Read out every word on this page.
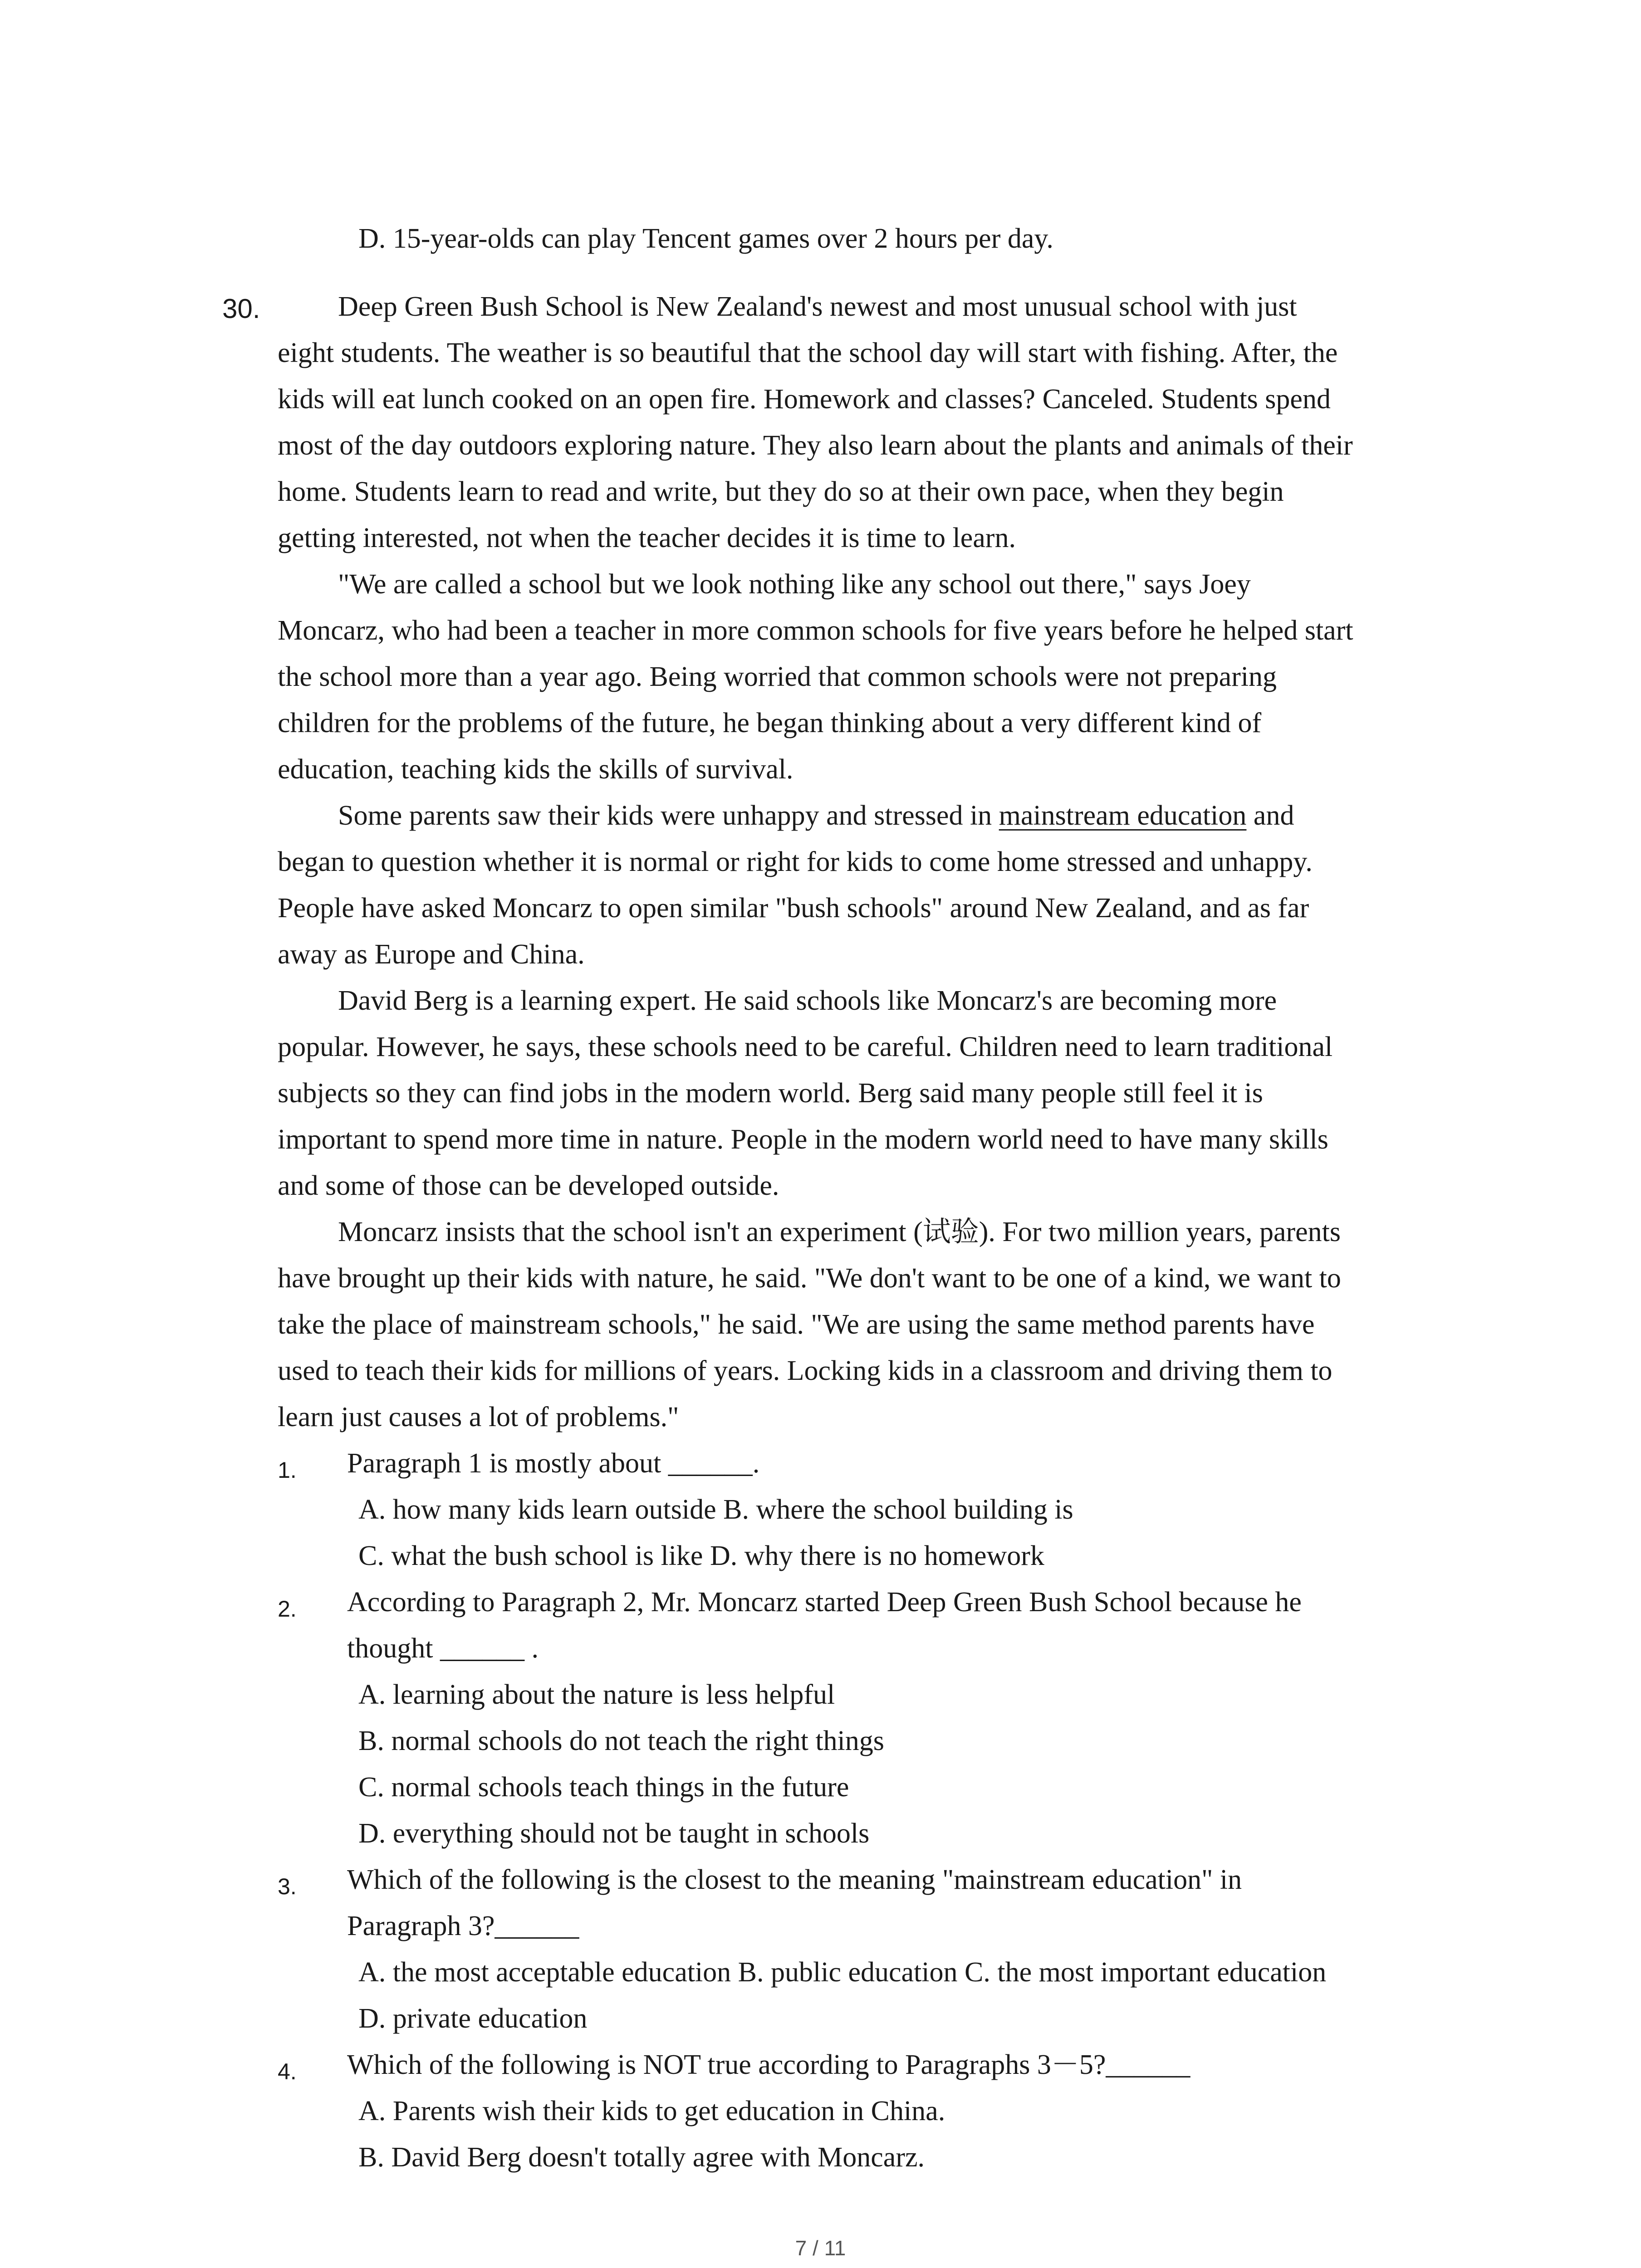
D. 15-year-olds can play Tencent games over 2 hours per day.
30.	Deep Green Bush School is New Zealand's newest and most unusual school with just
eight students. The weather is so beautiful that the school day will start with fishing. After, the
kids will eat lunch cooked on an open fire. Homework and classes? Canceled. Students spend
most of the day outdoors exploring nature. They also learn about the plants and animals of their
home. Students learn to read and write, but they do so at their own pace, when they begin
getting interested, not when the teacher decides it is time to learn.
"We are called a school but we look nothing like any school out there," says Joey
Moncarz, who had been a teacher in more common schools for five years before he helped start
the school more than a year ago. Being worried that common schools were not preparing
children for the problems of the future, he began thinking about a very different kind of
education, teaching kids the skills of survival.
Some parents saw their kids were unhappy and stressed in mainstream education and
began to question whether it is normal or right for kids to come home stressed and unhappy.
People have asked Moncarz to open similar "bush schools" around New Zealand, and as far
away as Europe and China.
David Berg is a learning expert. He said schools like Moncarz's are becoming more
popular. However, he says, these schools need to be careful. Children need to learn traditional
subjects so they can find jobs in the modern world. Berg said many people still feel it is
important to spend more time in nature. People in the modern world need to have many skills
and some of those can be developed outside.
Moncarz insists that the school isn't an experiment (试验). For two million years, parents
have brought up their kids with nature, he said. "We don't want to be one of a kind, we want to
take the place of mainstream schools," he said. "We are using the same method parents have
used to teach their kids for millions of years. Locking kids in a classroom and driving them to
learn just causes a lot of problems."
1. Paragraph 1 is mostly about ______.
A. how many kids learn outside B. where the school building is
C. what the bush school is like D. why there is no homework
2. According to Paragraph 2, Mr. Moncarz started Deep Green Bush School because he
thought ______ .
A. learning about the nature is less helpful
B. normal schools do not teach the right things
C. normal schools teach things in the future
D. everything should not be taught in schools
3. Which of the following is the closest to the meaning "mainstream education" in
Paragraph 3?______
A. the most acceptable education B. public education C. the most important education
D. private education
4. Which of the following is NOT true according to Paragraphs 3－5?______
A. Parents wish their kids to get education in China.
B. David Berg doesn't totally agree with Moncarz.
7 / 11
